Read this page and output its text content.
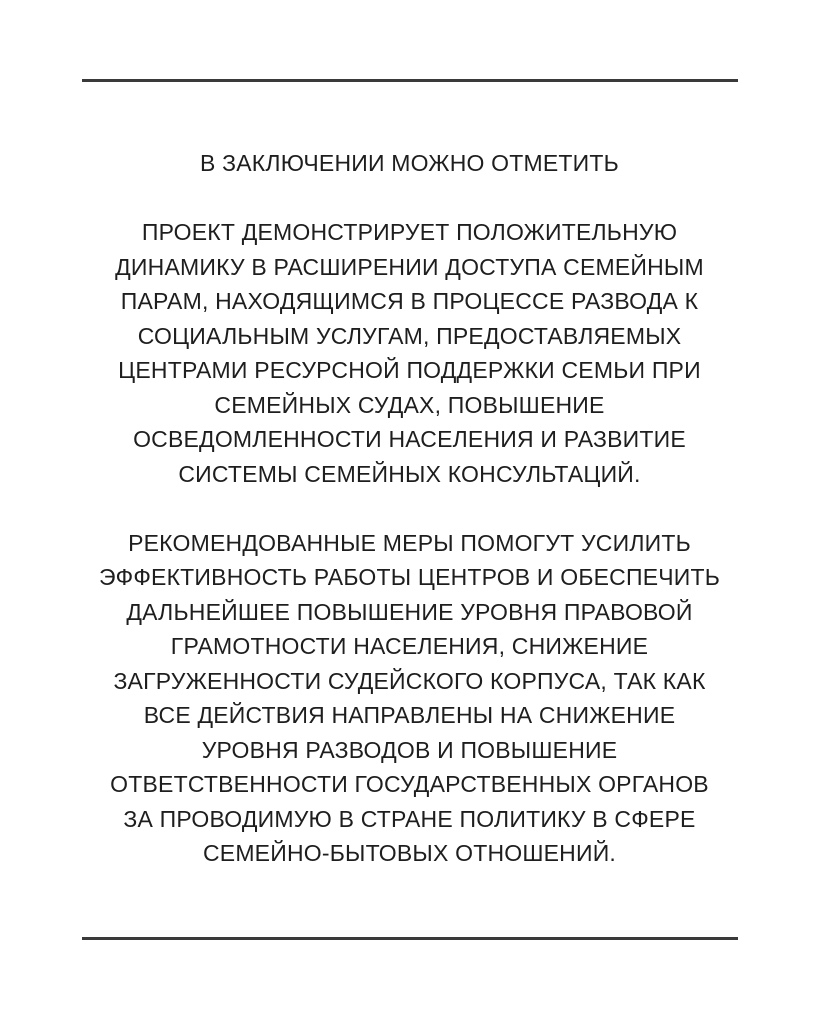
В ЗАКЛЮЧЕНИИ МОЖНО ОТМЕТИТЬ
ПРОЕКТ ДЕМОНСТРИРУЕТ ПОЛОЖИТЕЛЬНУЮ
ДИНАМИКУ В РАСШИРЕНИИ ДОСТУПА СЕМЕЙНЫМ
ПАРАМ, НАХОДЯЩИМСЯ В ПРОЦЕССЕ РАЗВОДА К
СОЦИАЛЬНЫМ УСЛУГАМ, ПРЕДОСТАВЛЯЕМЫХ
ЦЕНТРАМИ РЕСУРСНОЙ ПОДДЕРЖКИ СЕМЬИ ПРИ
СЕМЕЙНЫХ СУДАХ, ПОВЫШЕНИЕ
ОСВЕДОМЛЕННОСТИ НАСЕЛЕНИЯ И РАЗВИТИЕ
СИСТЕМЫ СЕМЕЙНЫХ КОНСУЛЬТАЦИЙ.
РЕКОМЕНДОВАННЫЕ МЕРЫ ПОМОГУТ УСИЛИТЬ
ЭФФЕКТИВНОСТЬ РАБОТЫ ЦЕНТРОВ И ОБЕСПЕЧИТЬ
ДАЛЬНЕЙШЕЕ ПОВЫШЕНИЕ УРОВНЯ ПРАВОВОЙ
ГРАМОТНОСТИ НАСЕЛЕНИЯ, СНИЖЕНИЕ
ЗАГРУЖЕННОСТИ СУДЕЙСКОГО КОРПУСА, ТАК КАК
ВСЕ ДЕЙСТВИЯ НАПРАВЛЕНЫ НА СНИЖЕНИЕ
УРОВНЯ РАЗВОДОВ И ПОВЫШЕНИЕ
ОТВЕТСТВЕННОСТИ ГОСУДАРСТВЕННЫХ ОРГАНОВ
ЗА ПРОВОДИМУЮ В СТРАНЕ ПОЛИТИКУ В СФЕРЕ
СЕМЕЙНО-БЫТОВЫХ ОТНОШЕНИЙ.
